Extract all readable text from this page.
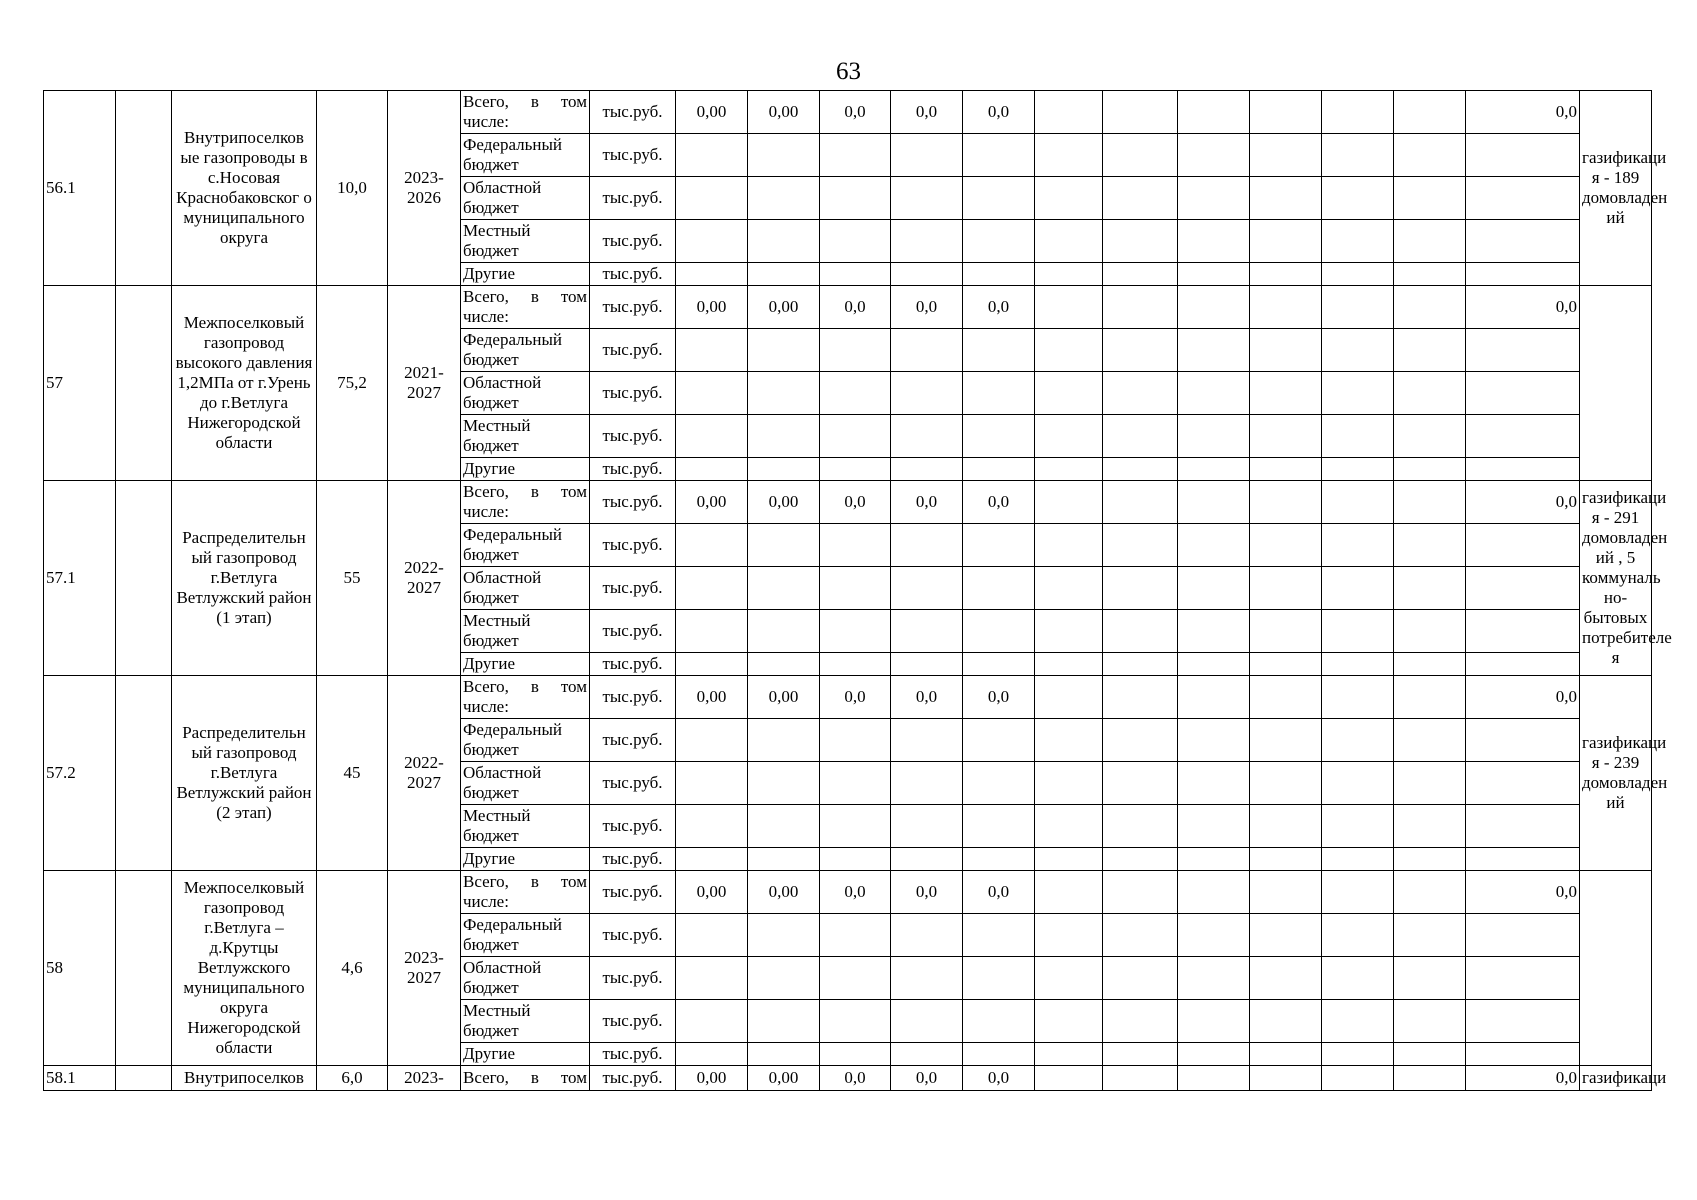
63
56.1		Внутрипоселков ые газопроводы в с.Носовая Краснобаковског о муниципального округа	10,0	2023- 2026	Всего, в том
числе:	тыс.руб.	0,00	0,00	0,0	0,0	0,0							0,0	газификаци я - 189 домовладен ий
					Федеральный бюджет	тыс.руб.													
					Областной бюджет	тыс.руб.													
					Местный бюджет	тыс.руб.													
					Другие	тыс.руб.													
57		Межпоселковый газопровод высокого давления 1,2МПа от г.Урень до г.Ветлуга Нижегородской области	75,2	2021- 2027	Всего, в том
числе:	тыс.руб.	0,00	0,00	0,0	0,0	0,0							0,0	
					Федеральный бюджет	тыс.руб.													
					Областной бюджет	тыс.руб.													
					Местный бюджет	тыс.руб.													
					Другие	тыс.руб.													
57.1		Распределительн ый газопровод г.Ветлуга Ветлужский район (1 этап)	55	2022- 2027	Всего, в том
числе:	тыс.руб.	0,00	0,00	0,0	0,0	0,0							0,0	газификаци я - 291 домовладен ий , 5 коммуналь но- бытовых потребителе я
					Федеральный бюджет	тыс.руб.													
					Областной бюджет	тыс.руб.													
					Местный бюджет	тыс.руб.													
					Другие	тыс.руб.													
57.2		Распределительн ый газопровод г.Ветлуга Ветлужский район (2 этап)	45	2022- 2027	Всего, в том
числе:	тыс.руб.	0,00	0,00	0,0	0,0	0,0							0,0	газификаци я - 239 домовладен ий
					Федеральный бюджет	тыс.руб.													
					Областной бюджет	тыс.руб.													
					Местный бюджет	тыс.руб.													
					Другие	тыс.руб.													
58		Межпоселковый газопровод г.Ветлуга – д.Крутцы Ветлужского муниципального округа Нижегородской области	4,6	2023- 2027	Всего, в том
числе:	тыс.руб.	0,00	0,00	0,0	0,0	0,0							0,0	
					Федеральный бюджет	тыс.руб.													
					Областной бюджет	тыс.руб.													
					Местный бюджет	тыс.руб.													
					Другие	тыс.руб.													
58.1		Внутрипоселков	6,0	2023-	Всего, в том	тыс.руб.	0,00	0,00	0,0	0,0	0,0							0,0	газификаци
